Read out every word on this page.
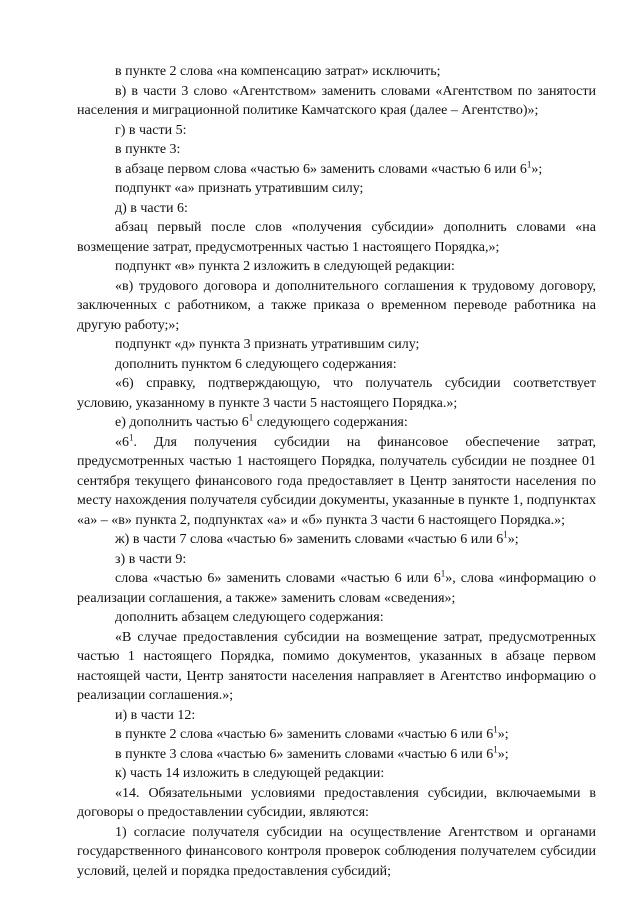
в пункте 2 слова «на компенсацию затрат» исключить;

в) в части 3 слово «Агентством» заменить словами «Агентством по занятости населения и миграционной политике Камчатского края (далее – Агентство)»;

г) в части 5:

в пункте 3:

в абзаце первом слова «частью 6» заменить словами «частью 6 или $6^1$»;

подпункт «а» признать утратившим силу;

д) в части 6:

абзац первый после слов «получения субсидии» дополнить словами «на возмещение затрат, предусмотренных частью 1 настоящего Порядка,»;

подпункт «в» пункта 2 изложить в следующей редакции:

«в) трудового договора и дополнительного соглашения к трудовому договору, заключенных с работником, а также приказа о временном переводе работника на другую работу;»;

подпункт «д» пункта 3 признать утратившим силу;

дополнить пунктом 6 следующего содержания:

«6) справку, подтверждающую, что получатель субсидии соответствует условию, указанному в пункте 3 части 5 настоящего Порядка.»;

е) дополнить частью $6^1$ следующего содержания:

«$6^1$. Для получения субсидии на финансовое обеспечение затрат, предусмотренных частью 1 настоящего Порядка, получатель субсидии не позднее 01 сентября текущего финансового года предоставляет в Центр занятости населения по месту нахождения получателя субсидии документы, указанные в пункте 1, подпунктах «а» – «в» пункта 2, подпунктах «а» и «б» пункта 3 части 6 настоящего Порядка.»;

ж) в части 7 слова «частью 6» заменить словами «частью 6 или $6^1$»;

з) в части 9:

слова «частью 6» заменить словами «частью 6 или $6^1$», слова «информацию о реализации соглашения, а также» заменить словам «сведения»;

дополнить абзацем следующего содержания:

«В случае предоставления субсидии на возмещение затрат, предусмотренных частью 1 настоящего Порядка, помимо документов, указанных в абзаце первом настоящей части, Центр занятости населения направляет в Агентство информацию о реализации соглашения.»;

и) в части 12:

в пункте 2 слова «частью 6» заменить словами «частью 6 или $6^1$»;

в пункте 3 слова «частью 6» заменить словами «частью 6 или $6^1$»;

к) часть 14 изложить в следующей редакции:

«14. Обязательными условиями предоставления субсидии, включаемыми в договоры о предоставлении субсидии, являются:

1) согласие получателя субсидии на осуществление Агентством и органами государственного финансового контроля проверок соблюдения получателем субсидии условий, целей и порядка предоставления субсидий;
